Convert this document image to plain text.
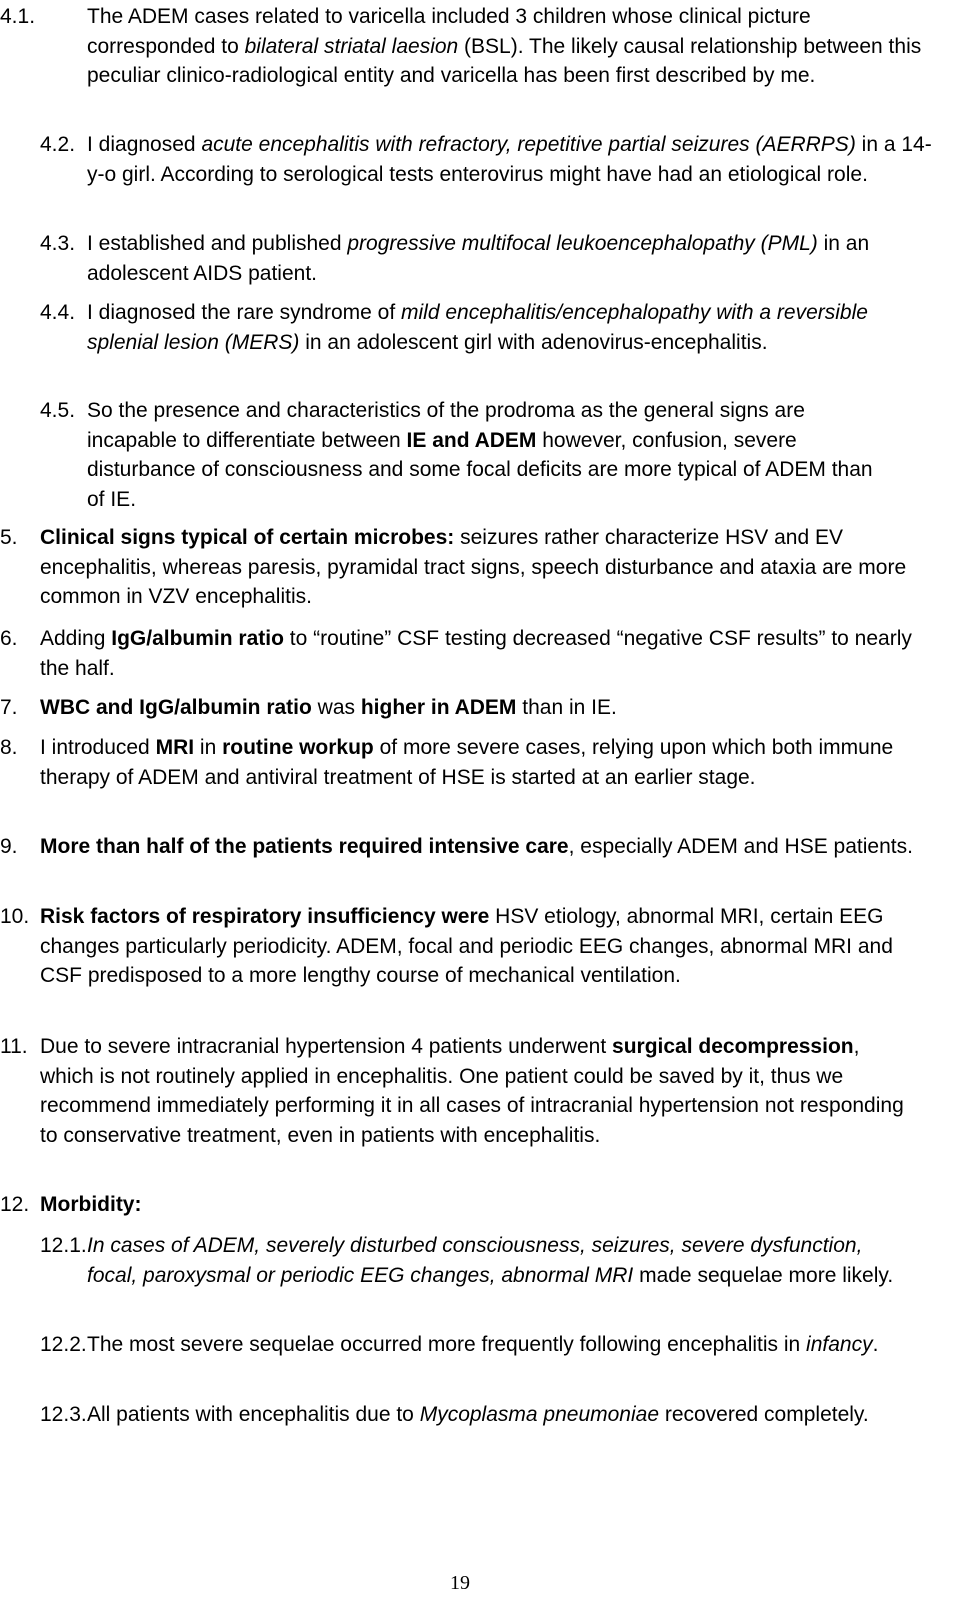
4.1. The ADEM cases related to varicella included 3 children whose clinical picture corresponded to bilateral striatal laesion (BSL). The likely causal relationship between this peculiar clinico-radiological entity and varicella has been first described by me.
4.2. I diagnosed acute encephalitis with refractory, repetitive partial seizures (AERRPS) in a 14-y-o girl. According to serological tests enterovirus might have had an etiological role.
4.3. I established and published progressive multifocal leukoencephalopathy (PML) in an adolescent AIDS patient.
4.4. I diagnosed the rare syndrome of mild encephalitis/encephalopathy with a reversible splenial lesion (MERS) in an adolescent girl with adenovirus-encephalitis.
4.5. So the presence and characteristics of the prodroma as the general signs are incapable to differentiate between IE and ADEM however, confusion, severe disturbance of consciousness and some focal deficits are more typical of ADEM than of IE.
5. Clinical signs typical of certain microbes: seizures rather characterize HSV and EV encephalitis, whereas paresis, pyramidal tract signs, speech disturbance and ataxia are more common in VZV encephalitis.
6. Adding IgG/albumin ratio to “routine” CSF testing decreased “negative CSF results” to nearly the half.
7. WBC and IgG/albumin ratio was higher in ADEM than in IE.
8. I introduced MRI in routine workup of more severe cases, relying upon which both immune therapy of ADEM and antiviral treatment of HSE is started at an earlier stage.
9. More than half of the patients required intensive care, especially ADEM and HSE patients.
10. Risk factors of respiratory insufficiency were HSV etiology, abnormal MRI, certain EEG changes particularly periodicity. ADEM, focal and periodic EEG changes, abnormal MRI and CSF predisposed to a more lengthy course of mechanical ventilation.
11. Due to severe intracranial hypertension 4 patients underwent surgical decompression, which is not routinely applied in encephalitis. One patient could be saved by it, thus we recommend immediately performing it in all cases of intracranial hypertension not responding to conservative treatment, even in patients with encephalitis.
12. Morbidity:
12.1. In cases of ADEM, severely disturbed consciousness, seizures, severe dysfunction, focal, paroxysmal or periodic EEG changes, abnormal MRI made sequelae more likely.
12.2. The most severe sequelae occurred more frequently following encephalitis in infancy.
12.3. All patients with encephalitis due to Mycoplasma pneumoniae recovered completely.
19
